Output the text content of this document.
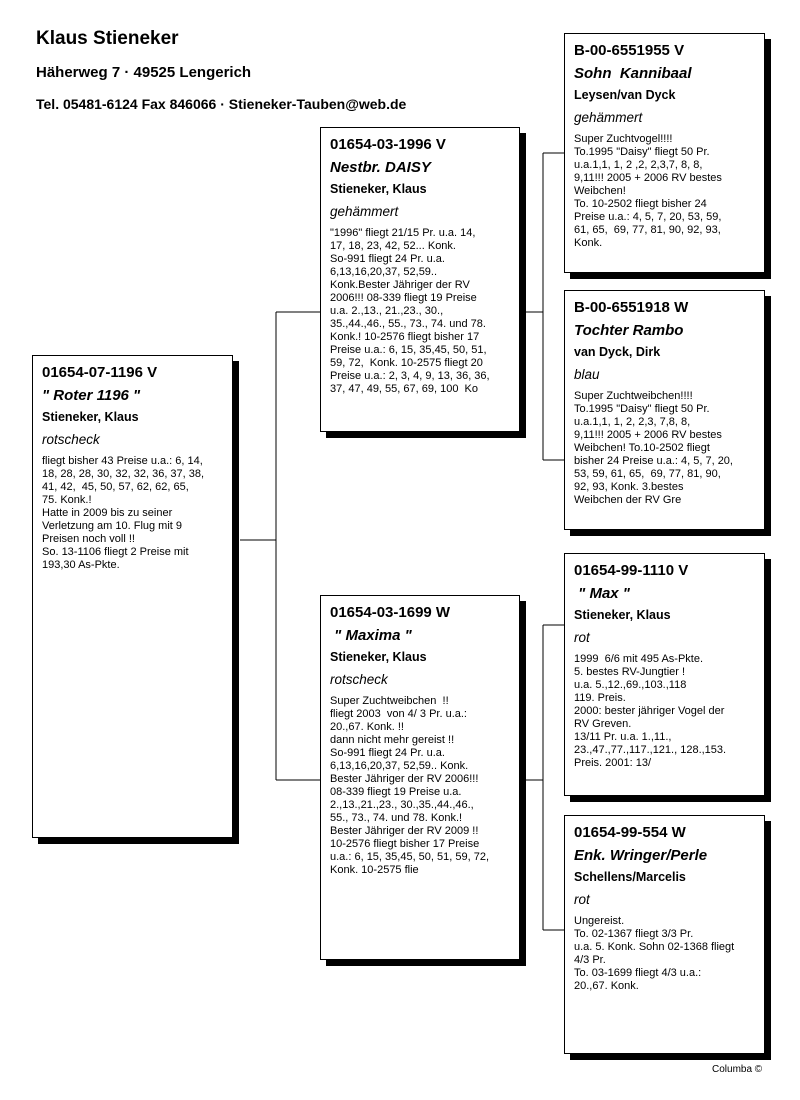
Klaus Stieneker
Häherweg 7 · 49525 Lengerich
Tel. 05481-6124 Fax 846066 · Stieneker-Tauben@web.de
01654-07-1196 V
" Roter 1196 "
Stieneker, Klaus
rotscheck
fliegt bisher 43 Preise u.a.: 6, 14,
18, 28, 28, 30, 32, 32, 36, 37, 38,
41, 42,  45, 50, 57, 62, 62, 65,
75. Konk.!
Hatte in 2009 bis zu seiner
Verletzung am 10. Flug mit 9
Preisen noch voll !!
So. 13-1106 fliegt 2 Preise mit
193,30 As-Pkte.
01654-03-1996 V
Nestbr. DAISY
Stieneker, Klaus
gehämmert
"1996" fliegt 21/15 Pr. u.a. 14,
17, 18, 23, 42, 52... Konk.
So-991 fliegt 24 Pr. u.a.
6,13,16,20,37, 52,59..
Konk.Bester Jähriger der RV
2006!!! 08-339 fliegt 19 Preise
u.a. 2.,13., 21.,23., 30.,
35.,44.,46., 55., 73., 74. und 78.
Konk.! 10-2576 fliegt bisher 17
Preise u.a.: 6, 15, 35,45, 50, 51,
59, 72,  Konk. 10-2575 fliegt 20
Preise u.a.: 2, 3, 4, 9, 13, 36, 36,
37, 47, 49, 55, 67, 69, 100  Ko
01654-03-1699 W
" Maxima "
Stieneker, Klaus
rotscheck
Super Zuchtweibchen  !!
fliegt 2003  von 4/ 3 Pr. u.a.:
20.,67. Konk. !!
dann nicht mehr gereist !!
So-991 fliegt 24 Pr. u.a.
6,13,16,20,37, 52,59.. Konk.
Bester Jähriger der RV 2006!!!
08-339 fliegt 19 Preise u.a.
2.,13.,21.,23., 30.,35.,44.,46.,
55., 73., 74. und 78. Konk.!
Bester Jähriger der RV 2009 !!
10-2576 fliegt bisher 17 Preise
u.a.: 6, 15, 35,45, 50, 51, 59, 72,
Konk. 10-2575 flie
B-00-6551955 V
Sohn  Kannibaal
Leysen/van Dyck
gehämmert
Super Zuchtvogel!!!!
To.1995 "Daisy" fliegt 50 Pr.
u.a.1,1, 1, 2 ,2, 2,3,7, 8, 8,
9,11!!! 2005 + 2006 RV bestes
Weibchen!
To. 10-2502 fliegt bisher 24
Preise u.a.: 4, 5, 7, 20, 53, 59,
61, 65,  69, 77, 81, 90, 92, 93,
Konk.
B-00-6551918 W
Tochter Rambo
van Dyck, Dirk
blau
Super Zuchtweibchen!!!!
To.1995 "Daisy" fliegt 50 Pr.
u.a.1,1, 1, 2, 2,3, 7,8, 8,
9,11!!! 2005 + 2006 RV bestes
Weibchen! To.10-2502 fliegt
bisher 24 Preise u.a.: 4, 5, 7, 20,
53, 59, 61, 65,  69, 77, 81, 90,
92, 93, Konk. 3.bestes
Weibchen der RV Gre
01654-99-1110 V
" Max "
Stieneker, Klaus
rot
1999  6/6 mit 495 As-Pkte.
5. bestes RV-Jungtier !
u.a. 5.,12.,69.,103.,118
119. Preis.
2000: bester jähriger Vogel der
RV Greven.
13/11 Pr. u.a. 1.,11.,
23.,47.,77.,117.,121., 128.,153.
Preis. 2001: 13/
01654-99-554 W
Enk. Wringer/Perle
Schellens/Marcelis
rot
Ungereist.
To. 02-1367 fliegt 3/3 Pr.
u.a. 5. Konk. Sohn 02-1368 fliegt
4/3 Pr.
To. 03-1699 fliegt 4/3 u.a.:
20.,67. Konk.
Columba ©
